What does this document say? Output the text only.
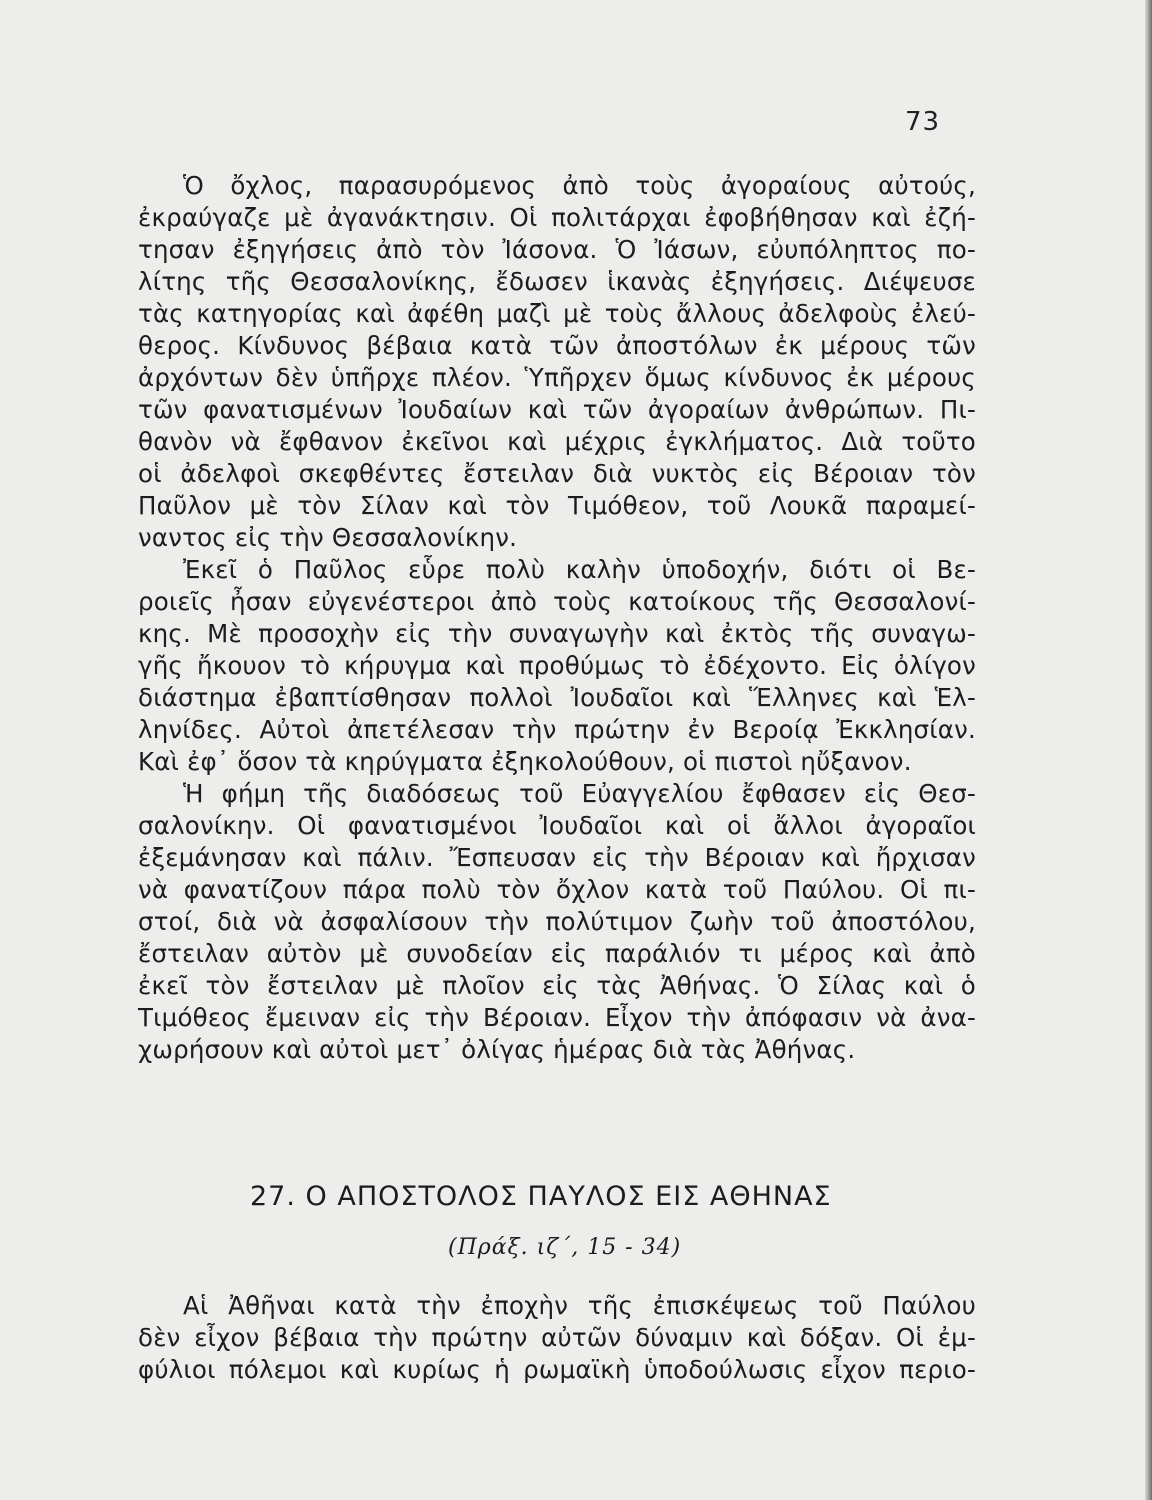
73
Ὁ ὄχλος, παρασυρόμενος ἀπὸ τοὺς ἀγοραίους αὐτούς,
ἐκραύγαζε μὲ ἀγανάκτησιν. Οἱ πολιτάρχαι ἐφοβήθησαν καὶ ἐζή-
τησαν ἐξηγήσεις ἀπὸ τὸν Ἰάσονα. Ὁ Ἰάσων, εὐυπόληπτος πο-
λίτης τῆς Θεσσαλονίκης, ἔδωσεν ἱκανὰς ἐξηγήσεις. Διέψευσε
τὰς κατηγορίας καὶ ἀφέθη μαζὶ μὲ τοὺς ἄλλους ἀδελφοὺς ἐλεύ-
θερος. Κίνδυνος βέβαια κατὰ τῶν ἀποστόλων ἐκ μέρους τῶν
ἀρχόντων δὲν ὑπῆρχε πλέον. Ὑπῆρχεν ὅμως κίνδυνος ἐκ μέρους
τῶν φανατισμένων Ἰουδαίων καὶ τῶν ἀγοραίων ἀνθρώπων. Πι-
θανὸν νὰ ἔφθανον ἐκεῖνοι καὶ μέχρις ἐγκλήματος. Διὰ τοῦτο
οἱ ἀδελφοὶ σκεφθέντες ἔστειλαν διὰ νυκτὸς εἰς Βέροιαν τὸν
Παῦλον μὲ τὸν Σίλαν καὶ τὸν Τιμόθεον, τοῦ Λουκᾶ παραμεί-
ναντος εἰς τὴν Θεσσαλονίκην.
Ἐκεῖ ὁ Παῦλος εὗρε πολὺ καλὴν ὑποδοχήν, διότι οἱ Βε-
ροιεῖς ἦσαν εὐγενέστεροι ἀπὸ τοὺς κατοίκους τῆς Θεσσαλονί-
κης. Μὲ προσοχὴν εἰς τὴν συναγωγὴν καὶ ἐκτὸς τῆς συναγω-
γῆς ἤκουον τὸ κήρυγμα καὶ προθύμως τὸ ἐδέχοντο. Εἰς ὀλίγον
διάστημα ἐβαπτίσθησαν πολλοὶ Ἰουδαῖοι καὶ Ἕλληνες καὶ Ἑλ-
ληνίδες. Αὐτοὶ ἀπετέλεσαν τὴν πρώτην ἐν Βεροίᾳ Ἐκκλησίαν.
Καὶ ἐφ᾽ ὅσον τὰ κηρύγματα ἐξηκολούθουν, οἱ πιστοὶ ηὔξανον.
Ἡ φήμη τῆς διαδόσεως τοῦ Εὐαγγελίου ἔφθασεν εἰς Θεσ-
σαλονίκην. Οἱ φανατισμένοι Ἰουδαῖοι καὶ οἱ ἄλλοι ἀγοραῖοι
ἐξεμάνησαν καὶ πάλιν. Ἔσπευσαν εἰς τὴν Βέροιαν καὶ ἤρχισαν
νὰ φανατίζουν πάρα πολὺ τὸν ὄχλον κατὰ τοῦ Παύλου. Οἱ πι-
στοί, διὰ νὰ ἀσφαλίσουν τὴν πολύτιμον ζωὴν τοῦ ἀποστόλου,
ἔστειλαν αὐτὸν μὲ συνοδείαν εἰς παράλιόν τι μέρος καὶ ἀπὸ
ἐκεῖ τὸν ἔστειλαν μὲ πλοῖον εἰς τὰς Ἀθήνας. Ὁ Σίλας καὶ ὁ
Τιμόθεος ἔμειναν εἰς τὴν Βέροιαν. Εἶχον τὴν ἀπόφασιν νὰ ἀνα-
χωρήσουν καὶ αὐτοὶ μετ᾽ ὀλίγας ἡμέρας διὰ τὰς Ἀθήνας.
27. Ο ΑΠΟΣΤΟΛΟΣ ΠΑΥΛΟΣ ΕΙΣ ΑΘΗΝΑΣ
(Πράξ. ιζ΄, 15 - 34)
Αἱ Ἀθῆναι κατὰ τὴν ἐποχὴν τῆς ἐπισκέψεως τοῦ Παύλου
δὲν εἶχον βέβαια τὴν πρώτην αὐτῶν δύναμιν καὶ δόξαν. Οἱ ἐμ-
φύλιοι πόλεμοι καὶ κυρίως ἡ ρωμαϊκὴ ὑποδούλωσις εἶχον περιο-
